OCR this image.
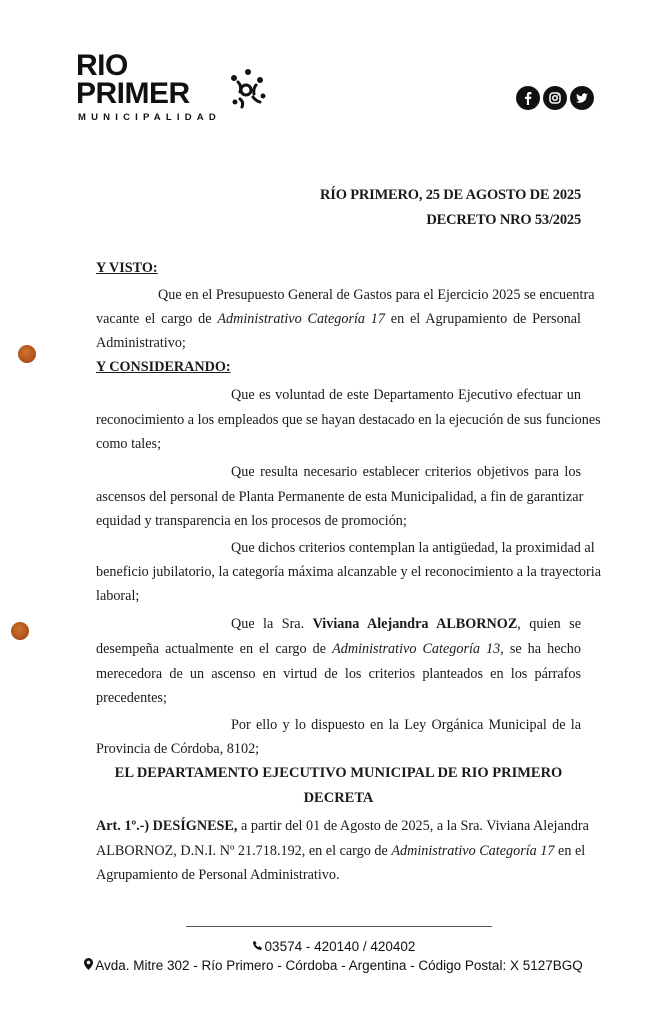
RIO
PRIMER
MUNICIPALIDAD
RÍO PRIMERO, 25 DE AGOSTO DE 2025
DECRETO NRO 53/2025
Y VISTO:
Que en el Presupuesto General de Gastos para el Ejercicio 2025 se encuentra
vacante el cargo de Administrativo Categoría 17 en el Agrupamiento de Personal
Administrativo;
Y CONSIDERANDO:
Que es voluntad de este Departamento Ejecutivo efectuar un
reconocimiento a los empleados que se hayan destacado en la ejecución de sus funciones
como tales;
Que resulta necesario establecer criterios objetivos para los
ascensos del personal de Planta Permanente de esta Municipalidad, a fin de garantizar
equidad y transparencia en los procesos de promoción;
Que dichos criterios contemplan la antigüedad, la proximidad al
beneficio jubilatorio, la categoría máxima alcanzable y el reconocimiento a la trayectoria
laboral;
Que la Sra. Viviana Alejandra ALBORNOZ, quien se
desempeña actualmente en el cargo de Administrativo Categoría 13, se ha hecho
merecedora de un ascenso en virtud de los criterios planteados en los párrafos
precedentes;
Por ello y lo dispuesto en la Ley Orgánica Municipal de la
Provincia de Córdoba, 8102;
EL DEPARTAMENTO EJECUTIVO MUNICIPAL DE RIO PRIMERO
DECRETA
Art. 1º.-) DESÍGNESE, a partir del 01 de Agosto de 2025, a la Sra. Viviana Alejandra
ALBORNOZ, D.N.I. Nº 21.718.192, en el cargo de Administrativo Categoría 17 en el
Agrupamiento de Personal Administrativo.
03574 - 420140 / 420402
Avda. Mitre 302 - Río Primero - Córdoba - Argentina - Código Postal: X 5127BGQ
